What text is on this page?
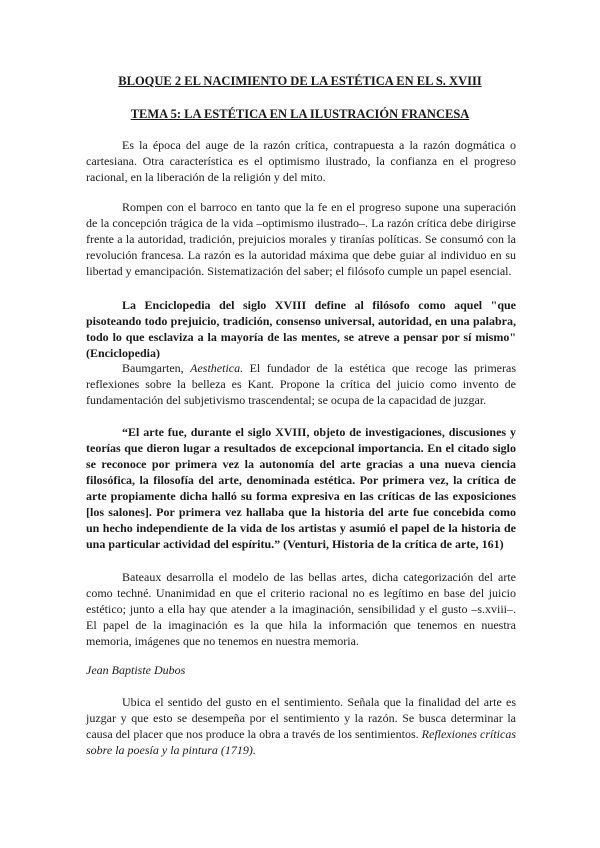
BLOQUE 2 EL NACIMIENTO DE LA ESTÉTICA EN EL S. XVIII
TEMA 5: LA ESTÉTICA EN LA ILUSTRACIÓN FRANCESA
Es la época del auge de la razón crítica, contrapuesta a la razón dogmática o cartesiana. Otra característica es el optimismo ilustrado, la confianza en el progreso racional, en la liberación de la religión y del mito.
Rompen con el barroco en tanto que la fe en el progreso supone una superación de la concepción trágica de la vida –optimismo ilustrado–. La razón crítica debe dirigirse frente a la autoridad, tradición, prejuicios morales y tiranías políticas. Se consumó con la revolución francesa. La razón es la autoridad máxima que debe guiar al individuo en su libertad y emancipación. Sistematización del saber; el filósofo cumple un papel esencial.
La Enciclopedia del siglo XVIII define al filósofo como aquel "que pisoteando todo prejuicio, tradición, consenso universal, autoridad, en una palabra, todo lo que esclaviza a la mayoría de las mentes, se atreve a pensar por sí mismo" (Enciclopedia)
Baumgarten, Aesthetica. El fundador de la estética que recoge las primeras reflexiones sobre la belleza es Kant. Propone la crítica del juicio como invento de fundamentación del subjetivismo trascendental; se ocupa de la capacidad de juzgar.
“El arte fue, durante el siglo XVIII, objeto de investigaciones, discusiones y teorías que dieron lugar a resultados de excepcional importancia. En el citado siglo se reconoce por primera vez la autonomía del arte gracias a una nueva ciencia filosófica, la filosofía del arte, denominada estética. Por primera vez, la crítica de arte propiamente dicha halló su forma expresiva en las críticas de las exposiciones [los salones]. Por primera vez hallaba que la historia del arte fue concebida como un hecho independiente de la vida de los artistas y asumió el papel de la historia de una particular actividad del espíritu.” (Venturi, Historia de la crítica de arte, 161)
Bateaux desarrolla el modelo de las bellas artes, dicha categorización del arte como techné. Unanimidad en que el criterio racional no es legítimo en base del juicio estético; junto a ella hay que atender a la imaginación, sensibilidad y el gusto –s.xviii–. El papel de la imaginación es la que hila la información que tenemos en nuestra memoria, imágenes que no tenemos en nuestra memoria.
Jean Baptiste Dubos
Ubica el sentido del gusto en el sentimiento. Señala que la finalidad del arte es juzgar y que esto se desempeña por el sentimiento y la razón. Se busca determinar la causa del placer que nos produce la obra a través de los sentimientos. Reflexiones críticas sobre la poesía y la pintura (1719).
